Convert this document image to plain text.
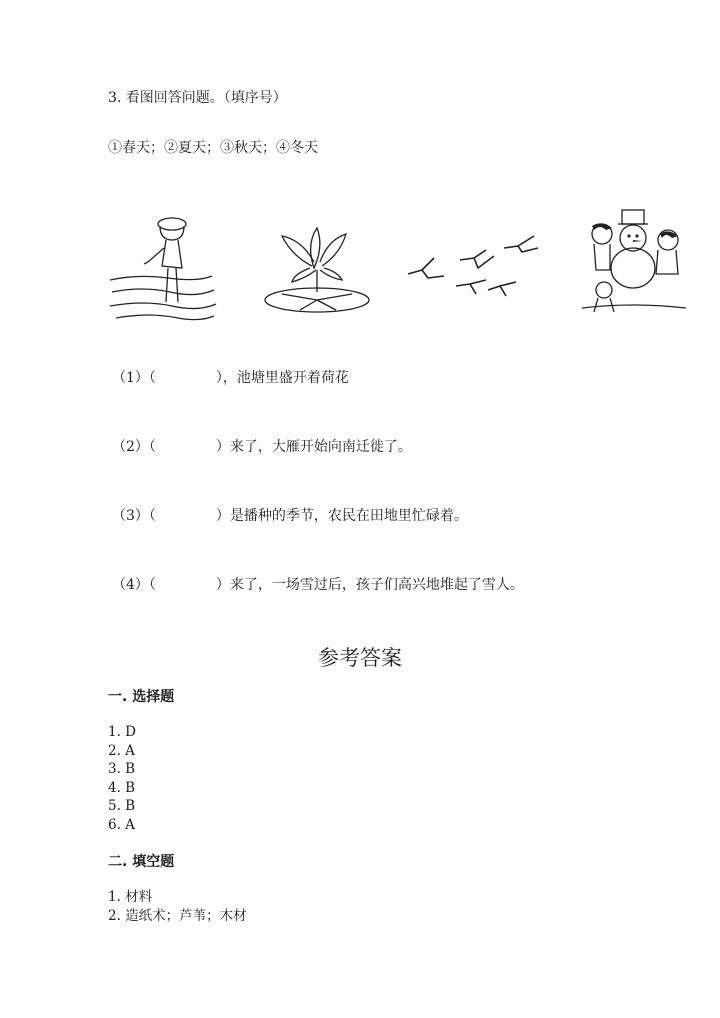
3. 看图回答问题。（填序号）
①春天；②夏天；③秋天；④冬天
（1）（	），池塘里盛开着荷花
（2）（	）来了，大雁开始向南迁徙了。
（3）（	）是播种的季节，农民在田地里忙碌着。
（4）（	）来了，一场雪过后，孩子们高兴地堆起了雪人。
参考答案
一. 选择题
1. D
2. A
3. B
4. B
5. B
6. A
二. 填空题
1. 材料
2. 造纸术；芦苇；木材
